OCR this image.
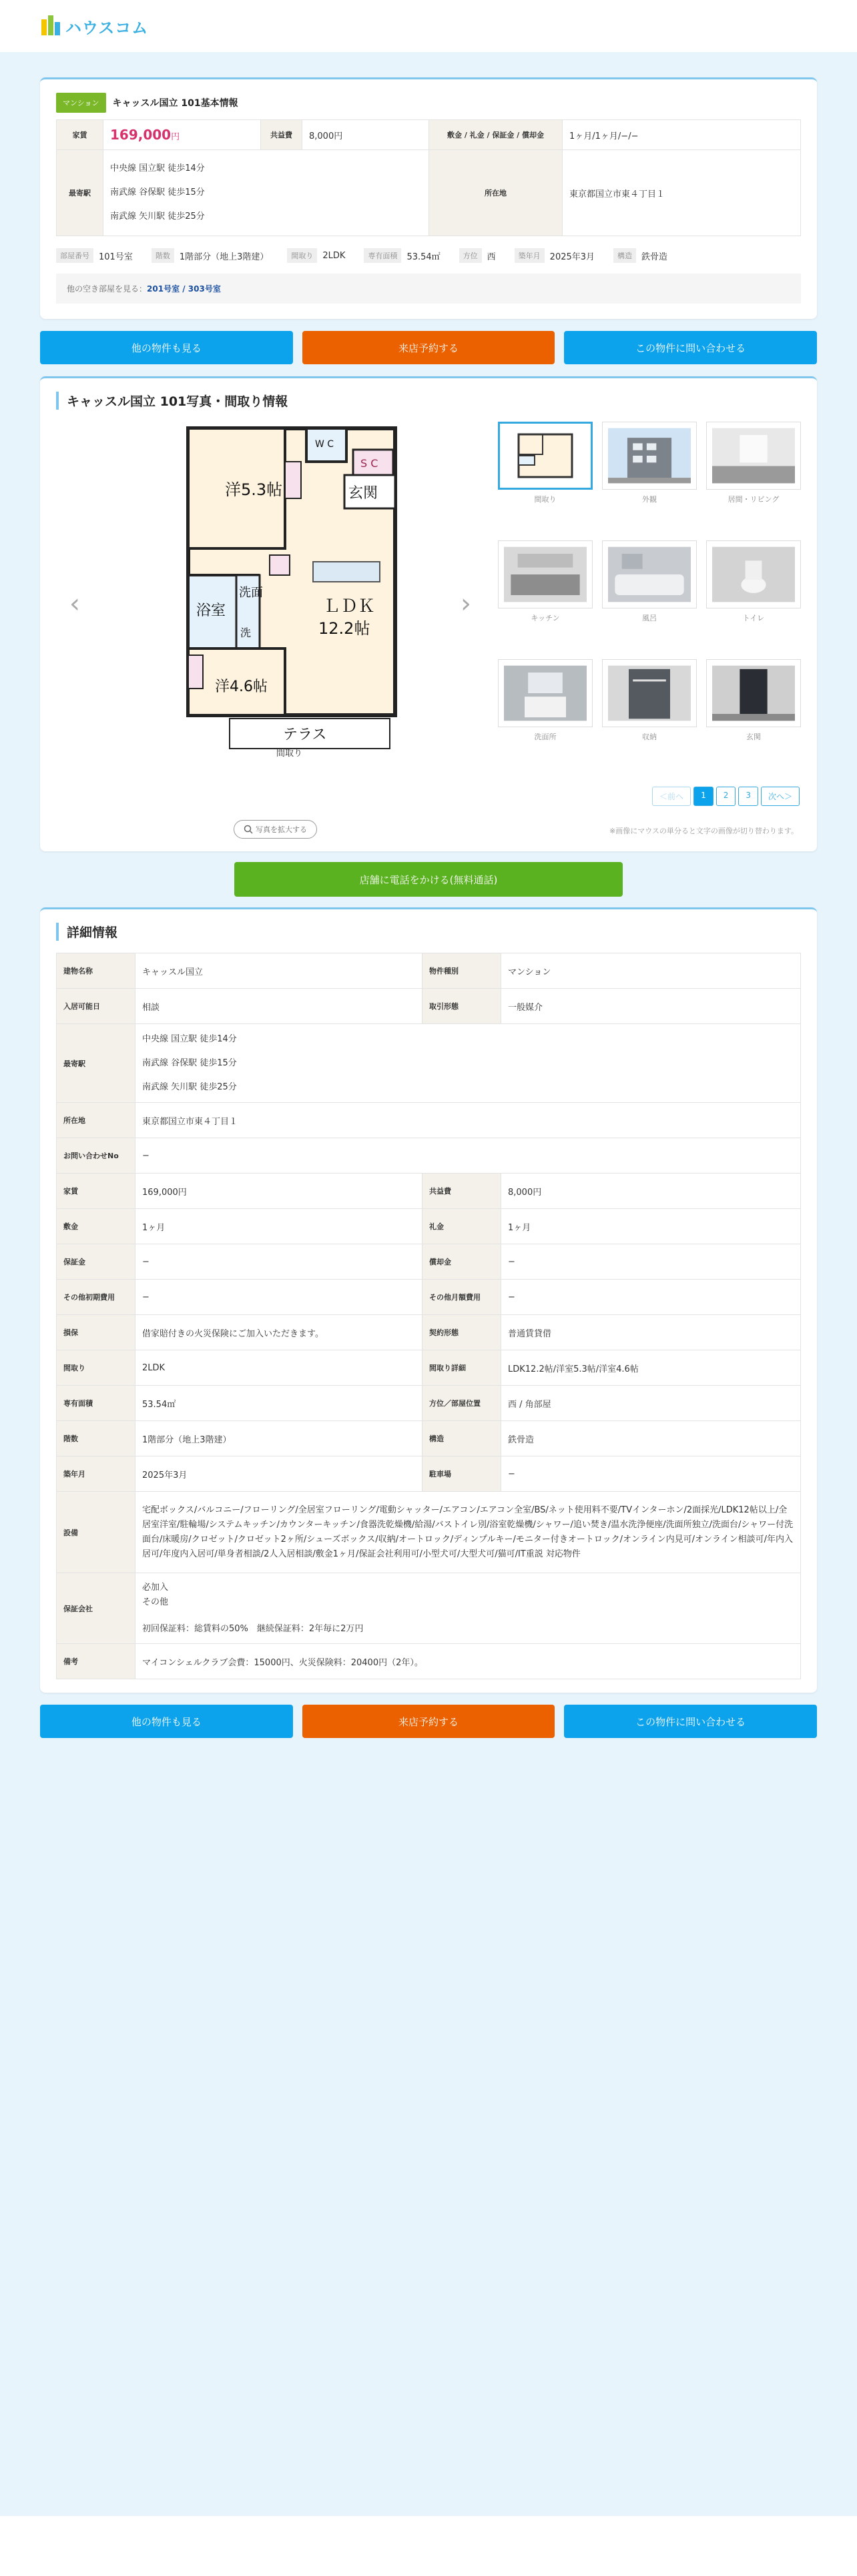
ハウスコム
マンション	キャッスル国立 101基本情報
家賃	169,000円	共益費	8,000円	敷金 / 礼金 / 保証金 / 償却金	1ヶ月/1ヶ月/−/−
最寄駅	中央線 国立駅 徒歩14分
南武線 谷保駅 徒歩15分
南武線 矢川駅 徒歩25分			所在地	東京都国立市東４丁目１
部屋番号	101号室	階数	1階部分（地上3階建）	間取り	2LDK	専有面積	53.54㎡	方位	西	築年月	2025年3月	構造	鉄骨造
他の空き部屋を見る：201号室 / 303号室
他の物件も見る	来店予約する	この物件に問い合わせる
キャッスル国立 101写真・間取り情報
‹
洋5.3帖
洋4.6帖
ＬＤＫ
12.2帖
浴室
洗面
洗
玄関
W C
S C
テラス
間取り
›
間取り	外観	居間・リビング
キッチン	風呂	トイレ
洗面所	収納	玄関
＜前へ	1	2	3	次へ＞
写真を拡大する	※画像にマウスの単分ると文字の画像が切り替わります。
店舗に電話をかける(無料通話)
詳細情報
建物名称	キャッスル国立	物件種別	マンション
入居可能日	相談	取引形態	一般媒介
最寄駅	中央線 国立駅 徒歩14分
南武線 谷保駅 徒歩15分
南武線 矢川駅 徒歩25分		

所在地	東京都国立市東４丁目１		
お問い合わせNo	−		
家賃	169,000円	共益費	8,000円
敷金	1ヶ月	礼金	1ヶ月
保証金	−	償却金	−
その他初期費用	−	その他月額費用	−
損保	借家賠付きの火災保険にご加入いただきます。	契約形態	普通賃貸借
間取り	2LDK	間取り詳細	LDK12.2帖/洋室5.3帖/洋室4.6帖
専有面積	53.54㎡	方位／部屋位置	西 / 角部屋
階数	1階部分（地上3階建）	構造	鉄骨造
築年月	2025年3月	駐車場	−
設備	宅配ボックス/バルコニー/フローリング/全居室フローリング/電動シャッター/エアコン/エアコン全室/BS/ネット使用料不要/TVインターホン/2面採光/LDK12帖以上/全居室洋室/駐輪場/システムキッチン/カウンターキッチン/食器洗乾燥機/給湯/バストイレ別/浴室乾燥機/シャワー/追い焚き/温水洗浄便座/洗面所独立/洗面台/シャワー付洗面台/床暖房/クロゼット/クロゼット2ヶ所/シューズボックス/収納/オートロック/ディンプルキー/モニター付きオートロック/オンライン内見可/オンライン相談可/年内入居可/年度内入居可/単身者相談/2人入居相談/敷金1ヶ月/保証会社利用可/小型犬可/大型犬可/猫可/IT重説 対応物件		
保証会社	必加入
その他
初回保証料：総賃料の50%　継続保証料：2年毎に2万円		

備考	マイコンシェルクラブ会費：15000円、火災保険料：20400円（2年）。		
他の物件も見る	来店予約する	この物件に問い合わせる
